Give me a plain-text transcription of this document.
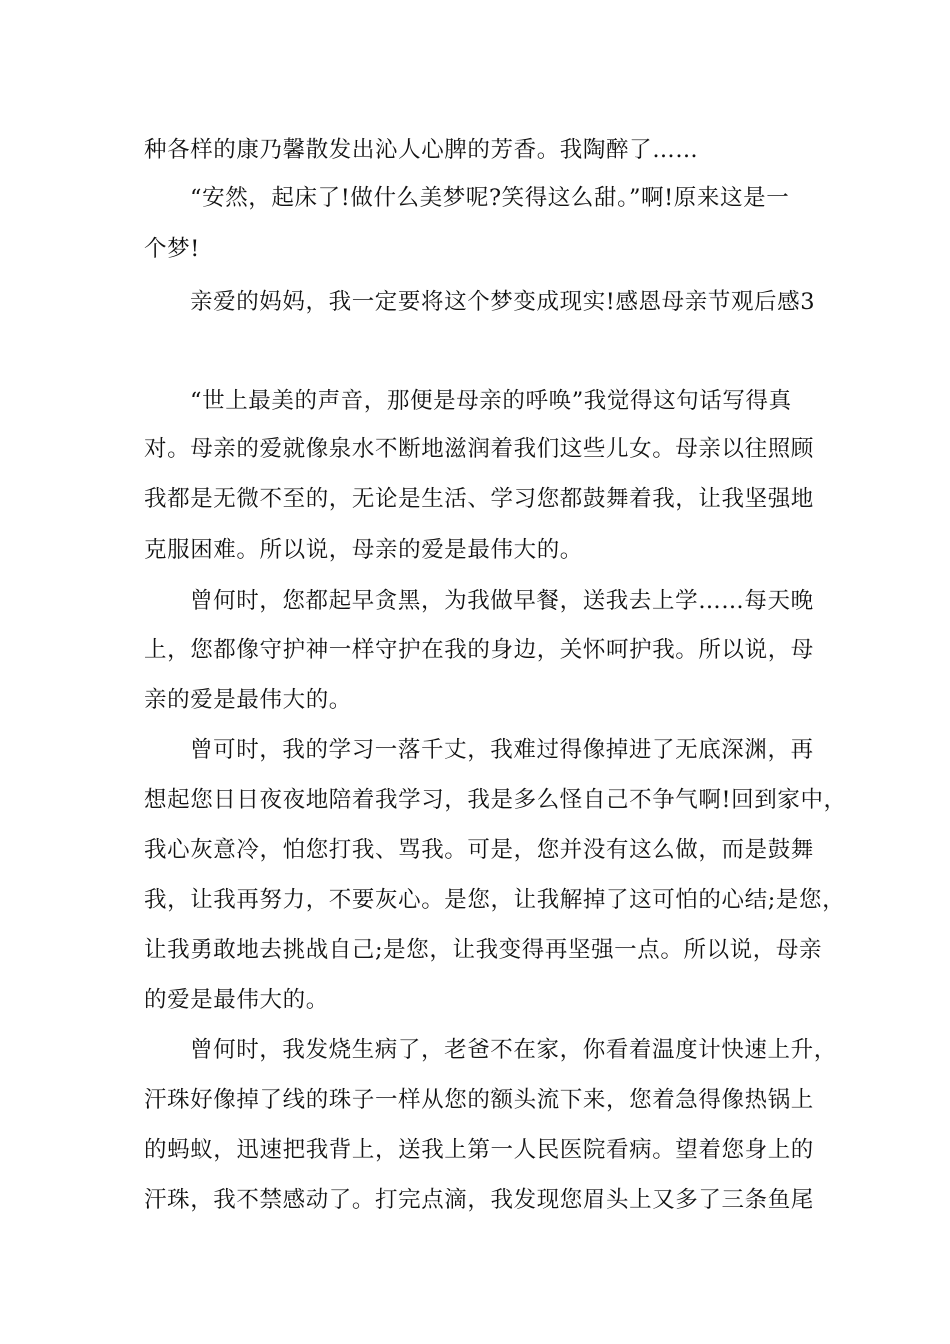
种各样的康乃馨散发出沁人心脾的芳香。我陶醉了……
“安然，起床了!做什么美梦呢?笑得这么甜。”啊!原来这是一
个梦!
亲爱的妈妈，我一定要将这个梦变成现实!感恩母亲节观后感3
“世上最美的声音，那便是母亲的呼唤”我觉得这句话写得真
对。母亲的爱就像泉水不断地滋润着我们这些儿女。母亲以往照顾
我都是无微不至的，无论是生活、学习您都鼓舞着我，让我坚强地
克服困难。所以说，母亲的爱是最伟大的。
曾何时，您都起早贪黑，为我做早餐，送我去上学……每天晚
上，您都像守护神一样守护在我的身边，关怀呵护我。所以说，母
亲的爱是最伟大的。
曾可时，我的学习一落千丈，我难过得像掉进了无底深渊，再
想起您日日夜夜地陪着我学习，我是多么怪自己不争气啊!回到家中，
我心灰意冷，怕您打我、骂我。可是，您并没有这么做，而是鼓舞
我，让我再努力，不要灰心。是您，让我解掉了这可怕的心结;是您，
让我勇敢地去挑战自己;是您，让我变得再坚强一点。所以说，母亲
的爱是最伟大的。
曾何时，我发烧生病了，老爸不在家，你看着温度计快速上升，
汗珠好像掉了线的珠子一样从您的额头流下来，您着急得像热锅上
的蚂蚁，迅速把我背上，送我上第一人民医院看病。望着您身上的
汗珠，我不禁感动了。打完点滴，我发现您眉头上又多了三条鱼尾
